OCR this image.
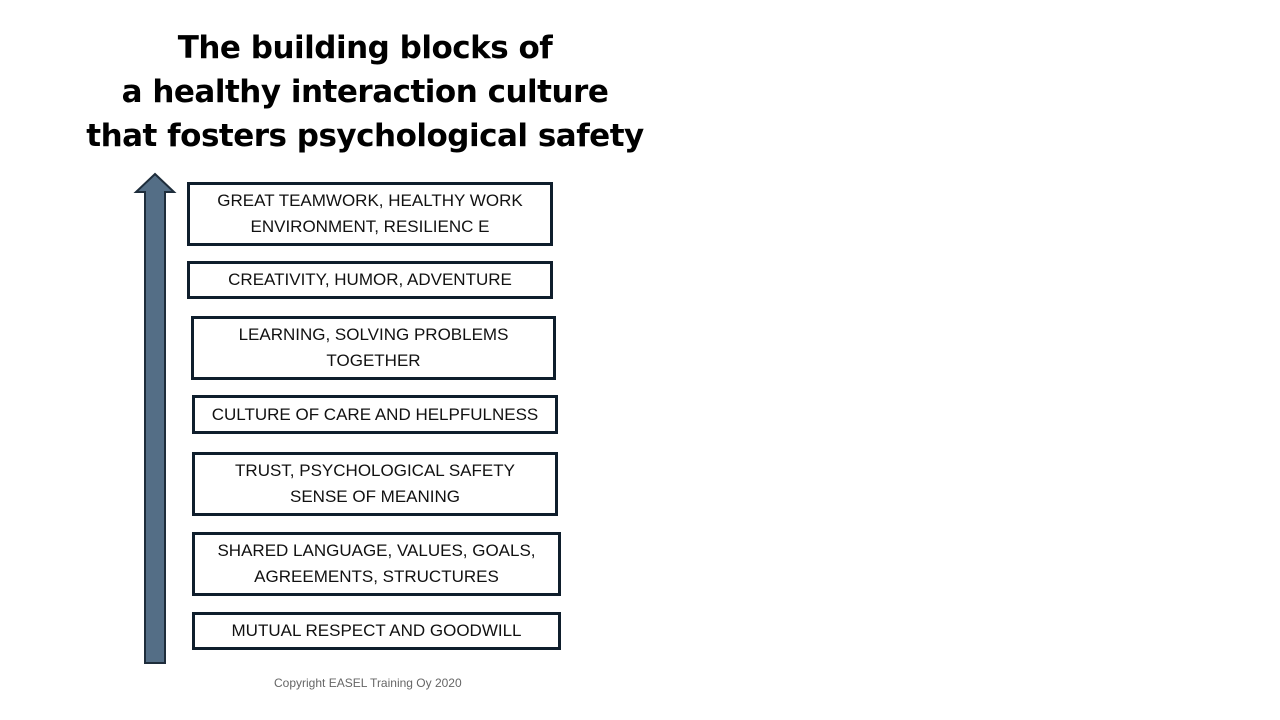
The building blocks of
a healthy interaction culture
that fosters psychological safety
GREAT TEAMWORK, HEALTHY WORK
ENVIRONMENT, RESILIENC E
CREATIVITY, HUMOR, ADVENTURE
LEARNING, SOLVING PROBLEMS
TOGETHER
CULTURE OF CARE AND HELPFULNESS
TRUST, PSYCHOLOGICAL SAFETY
SENSE OF MEANING
SHARED LANGUAGE, VALUES, GOALS,
AGREEMENTS, STRUCTURES
MUTUAL RESPECT AND GOODWILL
Copyright EASEL Training Oy 2020
